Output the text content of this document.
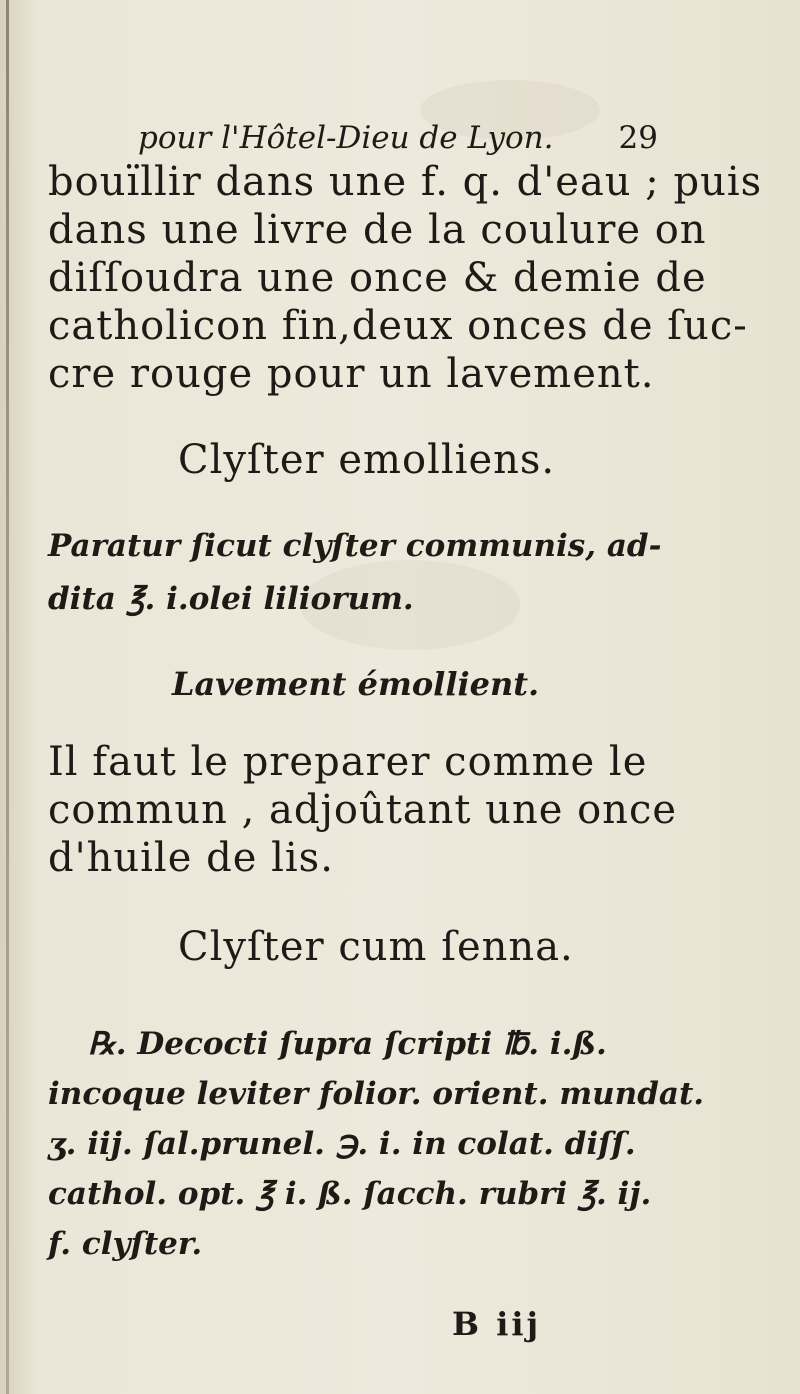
pour l'Hôtel-Dieu de Lyon. 29
bouïllir dans une f. q. d'eau ; puis
dans une livre de la coulure on
diſſoudra une once & demie de
catholicon fin,deux onces de ſuc-
cre rouge pour un lavement.
Clyſter emolliens.
Paratur ſicut clyſter communis, ad-
dita ℥. i.olei liliorum.
Lavement émollient.
Il faut le preparer comme le
commun , adjoûtant une once
d'huile de lis.
Clyſter cum ſenna.
℞. Decocti ſupra ſcripti ℔. i.ß.
incoque leviter folior. orient. mundat.
ʒ. iij. ſal.prunel. ℈. i. in colat. diſſ.
cathol. opt. ℥ i. ß. ſacch. rubri ℥. ij.
f. clyſter.
B iij
